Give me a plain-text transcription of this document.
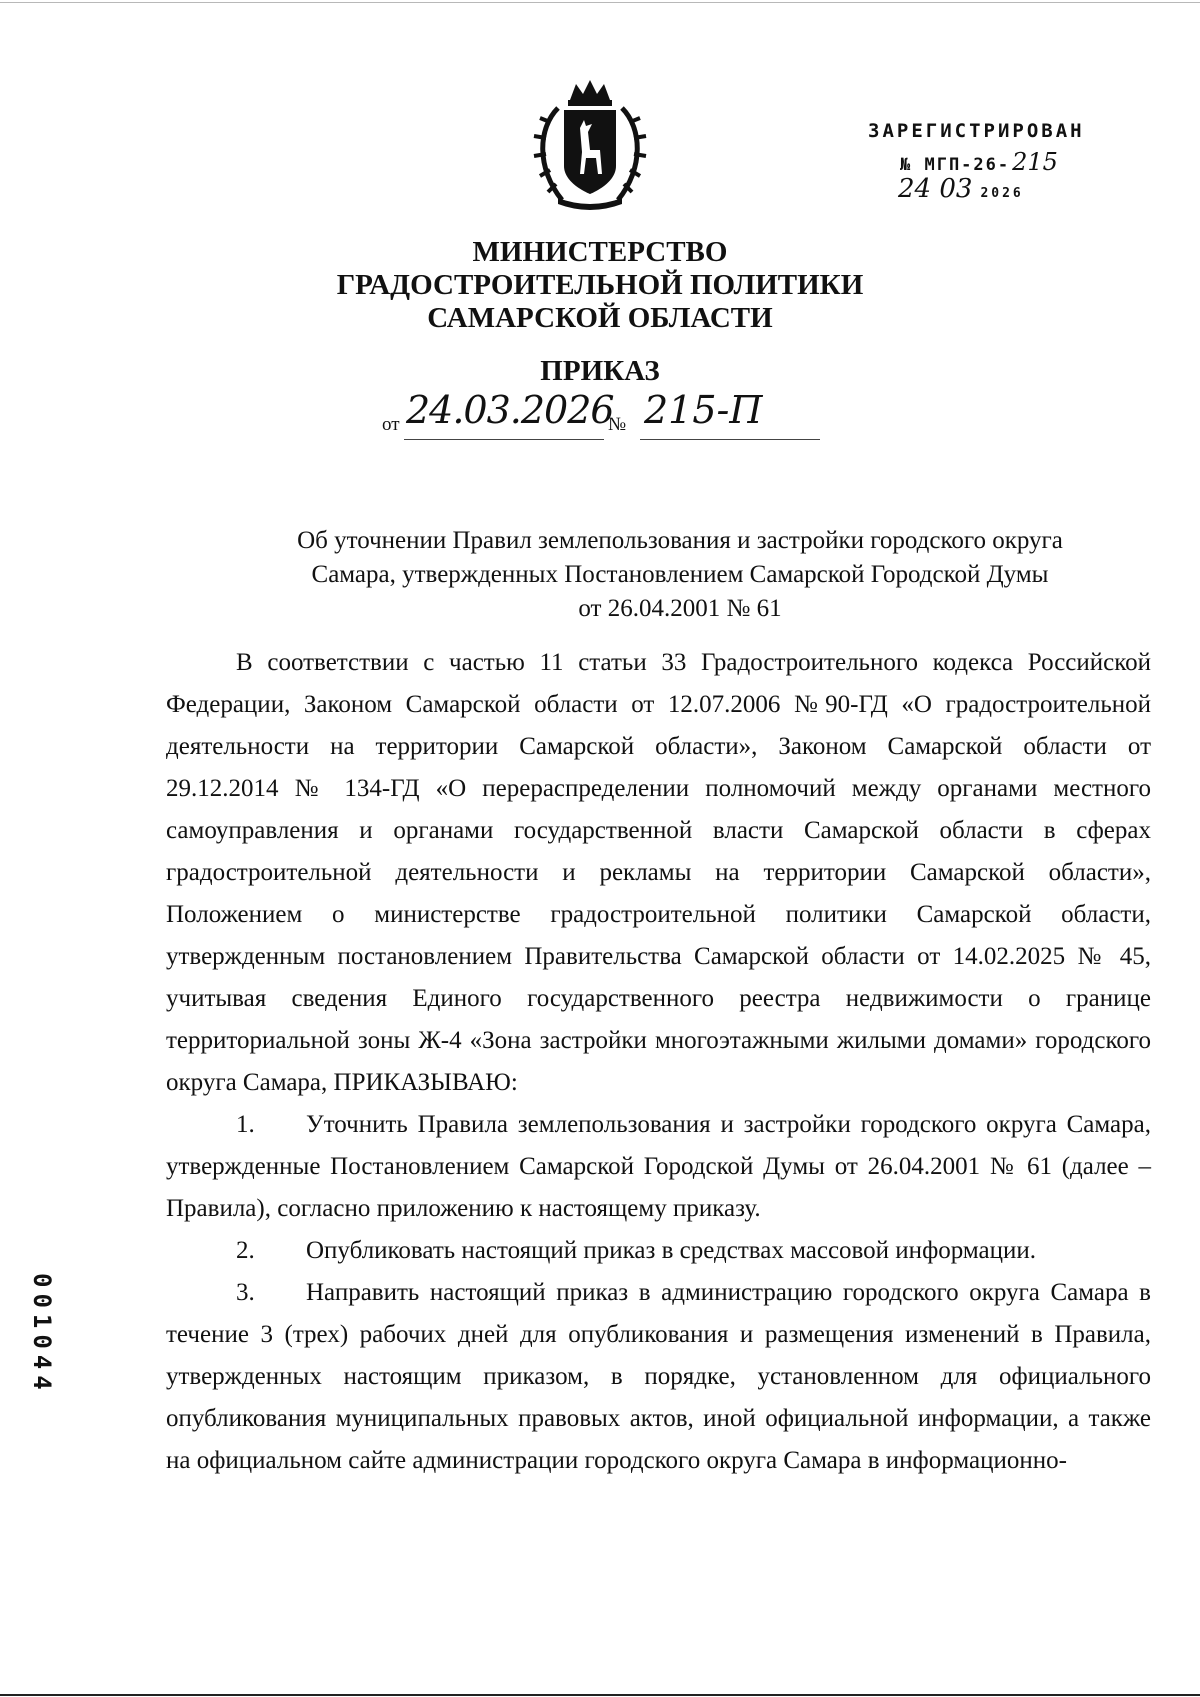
ЗАРЕГИСТРИРОВАН
№ МГП-26-215
24 03 2026
МИНИСТЕРСТВО
ГРАДОСТРОИТЕЛЬНОЙ ПОЛИТИКИ
САМАРСКОЙ ОБЛАСТИ
ПРИКАЗ
от 24.03.2026
№ 215-П
Об уточнении Правил землепользования и застройки городского округа
Самара, утвержденных Постановлением Самарской Городской Думы
от 26.04.2001 № 61

В соответствии с частью 11 статьи 33 Градостроительного кодекса Российской Федерации, Законом Самарской области от 12.07.2006 №90-ГД «О градостроительной деятельности на территории Самарской области», Законом Самарской области от 29.12.2014 № 134-ГД «О перераспределении полномочий между органами местного самоуправления и органами государственной власти Самарской области в сферах градостроительной деятельности и рекламы на территории Самарской области», Положением о министерстве градостроительной политики Самарской области, утвержденным постановлением Правительства Самарской области от 14.02.2025 № 45, учитывая сведения Единого государственного реестра недвижимости о границе территориальной зоны Ж-4 «Зона застройки многоэтажными жилыми домами» городского округа Самара, ПРИКАЗЫВАЮ:

1. Уточнить Правила землепользования и застройки городского округа Самара, утвержденные Постановлением Самарской Городской Думы от 26.04.2001 № 61 (далее – Правила), согласно приложению к настоящему приказу.

2. Опубликовать настоящий приказ в средствах массовой информации.

3. Направить настоящий приказ в администрацию городского округа Самара в течение 3 (трех) рабочих дней для опубликования и размещения изменений в Правила, утвержденных настоящим приказом, в порядке, установленном для официального опубликования муниципальных правовых актов, иной официальной информации, а также на официальном сайте администрации городского округа Самара в информационно-

001044
